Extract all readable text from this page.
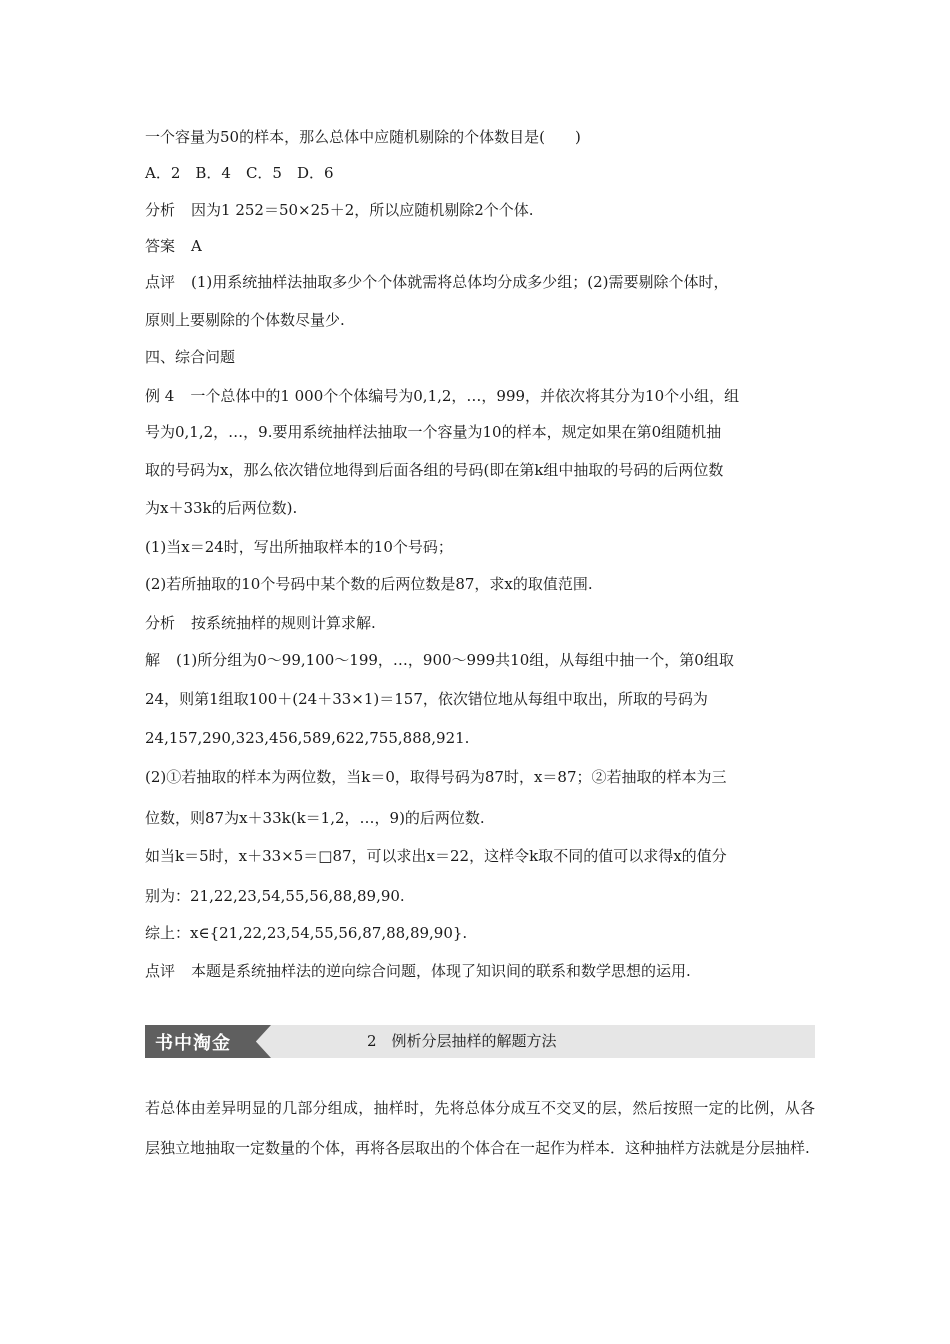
一个容量为50的样本，那么总体中应随机剔除的个体数目是(　　)
A．2　B．4　C．5　D．6
分析 因为1 252＝50×25＋2，所以应随机剔除2个个体.
答案 A
点评 (1)用系统抽样法抽取多少个个体就需将总体均分成多少组；(2)需要剔除个体时，
原则上要剔除的个体数尽量少.
四、综合问题
例 4 一个总体中的1 000个个体编号为0,1,2，…，999，并依次将其分为10个小组，组
号为0,1,2，…，9.要用系统抽样法抽取一个容量为10的样本，规定如果在第0组随机抽
取的号码为x，那么依次错位地得到后面各组的号码(即在第k组中抽取的号码的后两位数
为x＋33k的后两位数).
(1)当x＝24时，写出所抽取样本的10个号码；
(2)若所抽取的10个号码中某个数的后两位数是87，求x的取值范围.
分析 按系统抽样的规则计算求解.
解 (1)所分组为0～99,100～199，…，900～999共10组，从每组中抽一个，第0组取
24，则第1组取100＋(24＋33×1)＝157，依次错位地从每组中取出，所取的号码为
24,157,290,323,456,589,622,755,888,921.
(2)①若抽取的样本为两位数，当k＝0，取得号码为87时，x＝87；②若抽取的样本为三
位数，则87为x＋33k(k＝1,2，…，9)的后两位数.
如当k＝5时，x＋33×5＝□87，可以求出x＝22，这样令k取不同的值可以求得x的值分
别为：21,22,23,54,55,56,88,89,90.
综上：x∈{21,22,23,54,55,56,87,88,89,90}.
点评 本题是系统抽样法的逆向综合问题，体现了知识间的联系和数学思想的运用.
书中淘金	2　例析分层抽样的解题方法
若总体由差异明显的几部分组成，抽样时，先将总体分成互不交叉的层，然后按照一定的比例，从各层独立地抽取一定数量的个体，再将各层取出的个体合在一起作为样本．这种抽样方法就是分层抽样.
